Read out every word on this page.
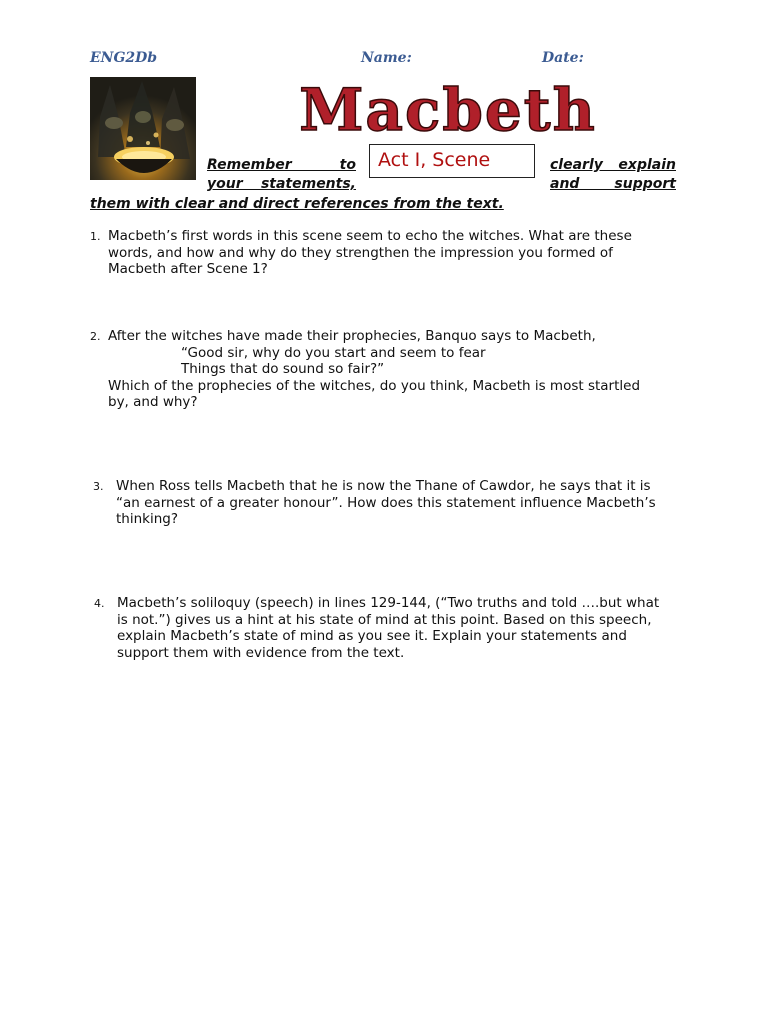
ENG2Db	Name:	Date:
Macbeth
Remember to
your statements,
Act I, Scene	clearly explain
and support
them with clear and direct references from the text.
1. Macbeth’s first words in this scene seem to echo the witches. What are these

words, and how and why do they strengthen the impression you formed of

Macbeth after Scene 1?

2. After the witches have made their prophecies, Banquo says to Macbeth,

“Good sir, why do you start and seem to fear

Things that do sound so fair?”

Which of the prophecies of the witches, do you think, Macbeth is most startled

by, and why?

3. When Ross tells Macbeth that he is now the Thane of Cawdor, he says that it is

“an earnest of a greater honour”. How does this statement influence Macbeth’s

thinking?

4. Macbeth’s soliloquy (speech) in lines 129-144, (“Two truths and told ….but what

is not.”) gives us a hint at his state of mind at this point. Based on this speech,

explain Macbeth’s state of mind as you see it. Explain your statements and

support them with evidence from the text.
